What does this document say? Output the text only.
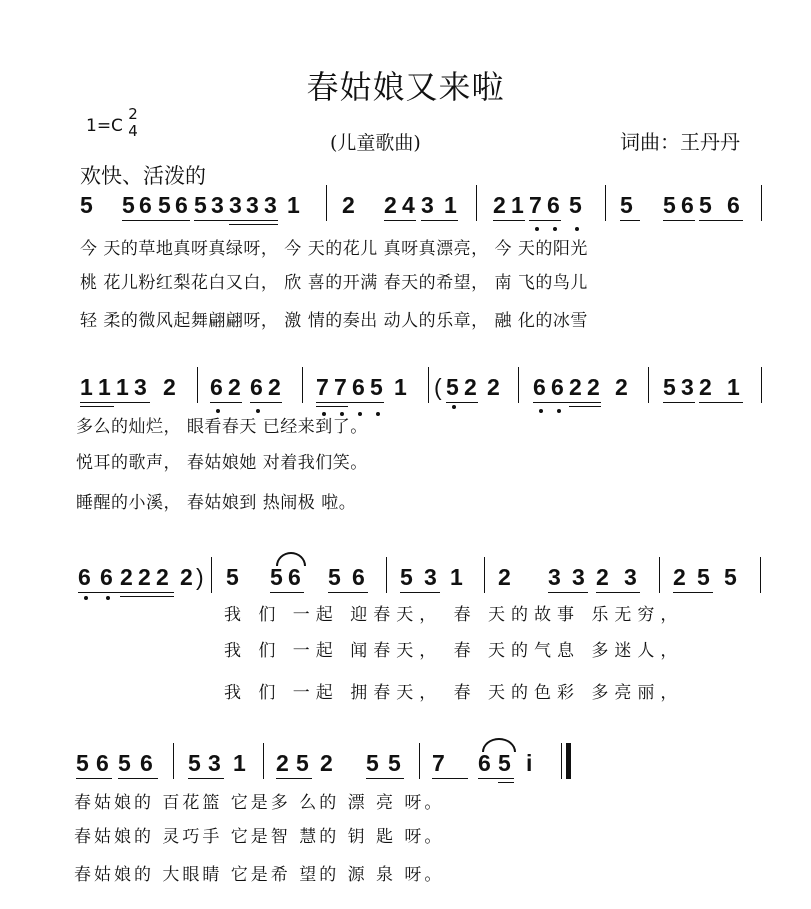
春姑娘又来啦
1=C
2
4
(儿童歌曲)	词曲：王丹丹
欢快、活泼的
5 5 6 5 6 5 3 3 3 3 1 2 2 4 3 1 2 1 7 6 5 5 5 6 5 6
今 天的草地真呀真绿呀， 今 天的花儿 真呀真漂亮， 今 天的阳光
桃 花儿粉红梨花白又白， 欣 喜的开满 春天的希望， 南 飞的鸟儿
轻 柔的微风起舞翩翩呀， 激 情的奏出 动人的乐章， 融 化的冰雪
1 1 1 3 2 6 2 6 2 7 7 6 5 1 ( 5 2 2 6 6 2 2 2 5 3 2 1
多么的灿烂， 眼看春天 已经来到了。
悦耳的歌声， 春姑娘她 对着我们笑。
睡醒的小溪， 春姑娘到 热闹极 啦。
6 6 2 2 2 2 ) 5 5 6 5 6 5 3 1 2 3 3 2 3 2 5 5
我 们 一起 迎春天， 春 天的故事 乐无穷，
我 们 一起 闻春天， 春 天的气息 多迷人，
我 们 一起 拥春天， 春 天的色彩 多亮丽，
5 6 5 6 5 3 1 2 5 2 5 5 7 6 5 i
春姑娘的 百花篮 它是多 么的 漂 亮 呀。
春姑娘的 灵巧手 它是智 慧的 钥 匙 呀。
春姑娘的 大眼睛 它是希 望的 源 泉 呀。
